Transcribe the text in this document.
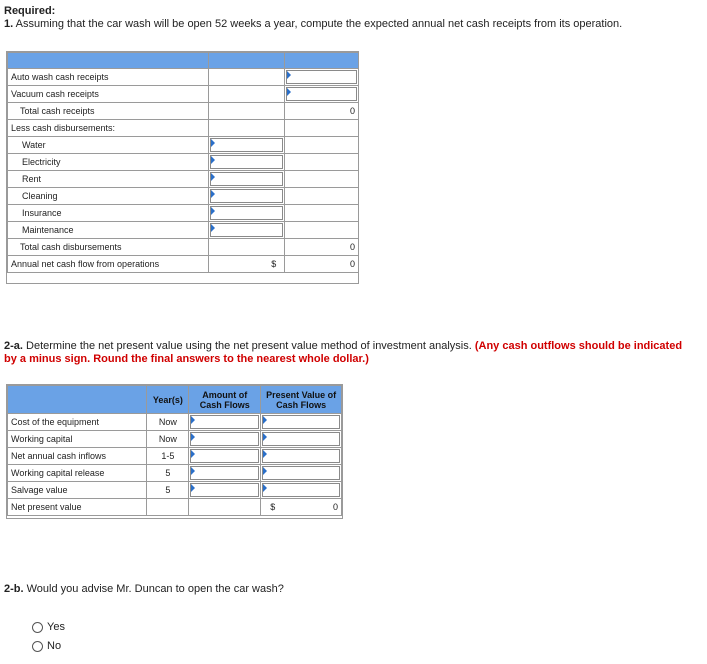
Required:
1. Assuming that the car wash will be open 52 weeks a year, compute the expected annual net cash receipts from its operation.

Auto wash cash receipts		

Vacuum cash receipts		

Total cash receipts		0
Less cash disbursements:		
Water	

Electricity	

Rent	

Cleaning	

Insurance	

Maintenance	

Total cash disbursements		0
Annual net cash flow from operations	$	0
2-a. Determine the net present value using the net present value method of investment analysis. (Any cash outflows should be indicated by a minus sign. Round the final answers to the nearest whole dollar.)
	Year(s)	Amount of Cash Flows	Present Value of Cash Flows
Cost of the equipment	Now	

Working capital	Now	

Net annual cash inflows	1-5	

Working capital release	5	

Salvage value	5	

Net present value			$ 0
2-b. Would you advise Mr. Duncan to open the car wash?
Yes
No
